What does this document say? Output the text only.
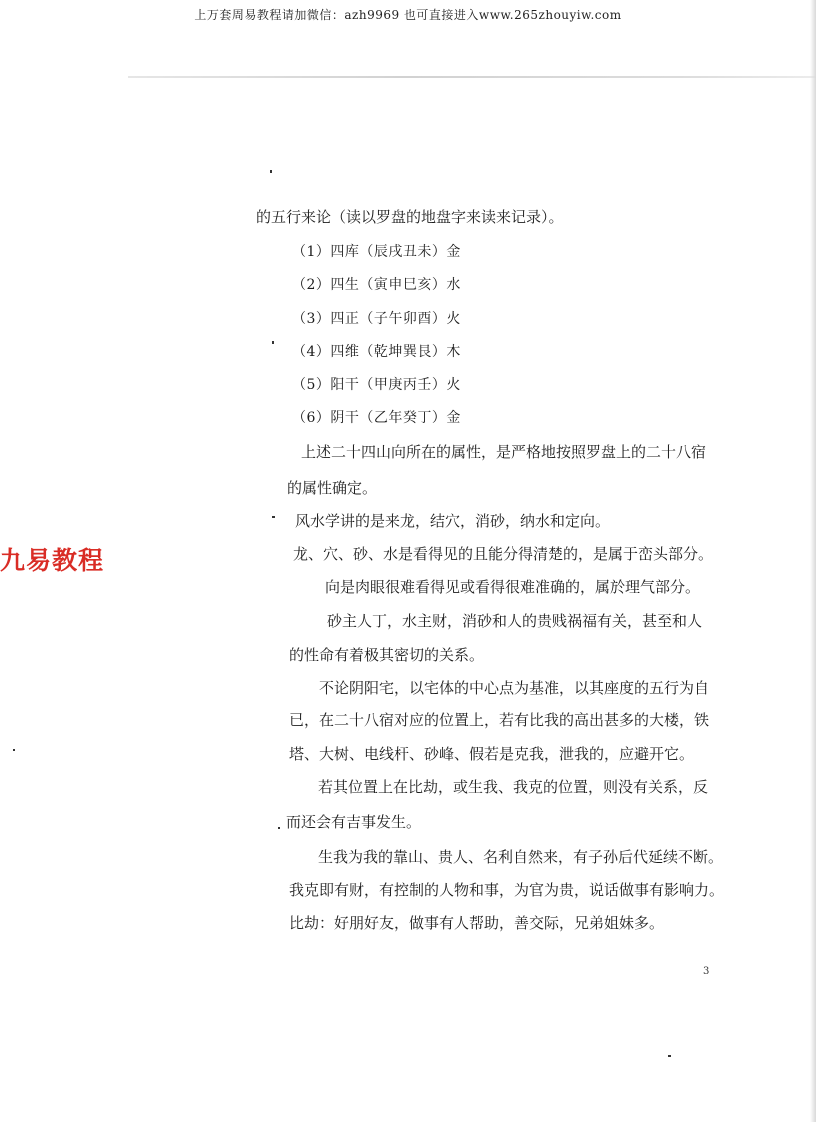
上万套周易教程请加微信：azh9969 也可直接进入www.265zhouyiw.com
九易教程
的五行来论（读以罗盘的地盘字来读来记录）。
（1）四库（辰戌丑未）金
（2）四生（寅申巳亥）水
（3）四正（子午卯酉）火
（4）四维（乾坤巽艮）木
（5）阳干（甲庚丙壬）火
（6）阴干（乙年癸丁）金
上述二十四山向所在的属性，是严格地按照罗盘上的二十八宿
的属性确定。
风水学讲的是来龙，结穴，消砂，纳水和定向。
龙、穴、砂、水是看得见的且能分得清楚的，是属于峦头部分。
向是肉眼很难看得见或看得很难准确的，属於理气部分。
砂主人丁，水主财，消砂和人的贵贱祸福有关，甚至和人
的性命有着极其密切的关系。
不论阴阳宅，以宅体的中心点为基准，以其座度的五行为自
已，在二十八宿对应的位置上，若有比我的高出甚多的大楼，铁
塔、大树、电线杆、砂峰、假若是克我，泄我的，应避开它。
若其位置上在比劫，或生我、我克的位置，则没有关系，反
而还会有吉事发生。
生我为我的靠山、贵人、名利自然来，有子孙后代延续不断。
我克即有财，有控制的人物和事，为官为贵，说话做事有影响力。
比劫：好朋好友，做事有人帮助，善交际，兄弟姐妹多。
3
